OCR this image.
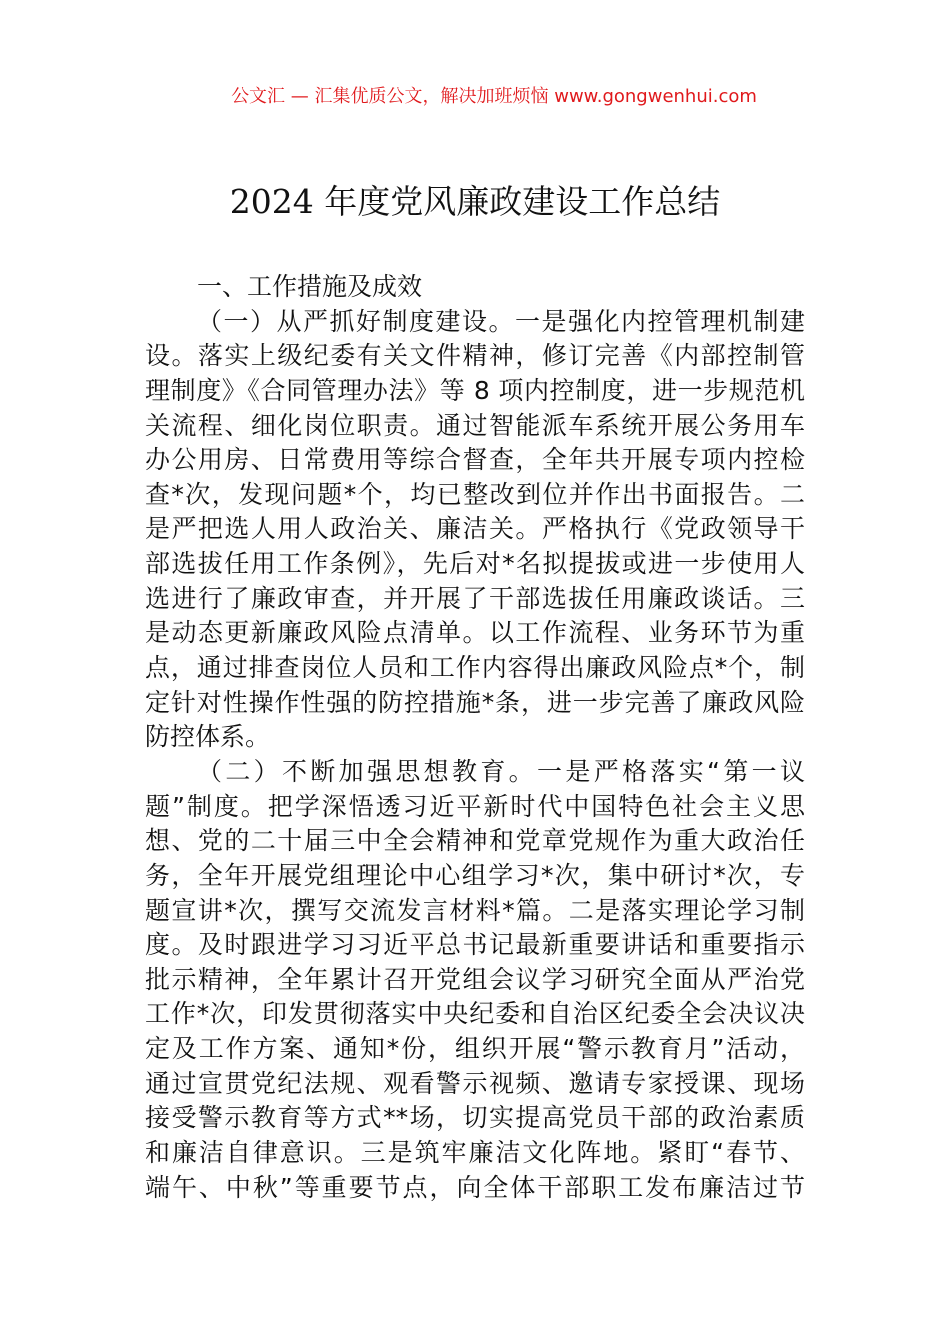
公文汇 — 汇集优质公文，解决加班烦恼 www.gongwenhui.com
2024 年度党风廉政建设工作总结
一、工作措施及成效
（一）从严抓好制度建设。一是强化内控管理机制建
设。落实上级纪委有关文件精神，修订完善《内部控制管
理制度》《合同管理办法》等 8 项内控制度，进一步规范机
关流程、细化岗位职责。通过智能派车系统开展公务用车
办公用房、日常费用等综合督查，全年共开展专项内控检
查*次，发现问题*个，均已整改到位并作出书面报告。二
是严把选人用人政治关、廉洁关。严格执行《党政领导干
部选拔任用工作条例》，先后对*名拟提拔或进一步使用人
选进行了廉政审查，并开展了干部选拔任用廉政谈话。三
是动态更新廉政风险点清单。以工作流程、业务环节为重
点，通过排查岗位人员和工作内容得出廉政风险点*个，制
定针对性操作性强的防控措施*条，进一步完善了廉政风险
防控体系。
（二）不断加强思想教育。一是严格落实“第一议
题”制度。把学深悟透习近平新时代中国特色社会主义思
想、党的二十届三中全会精神和党章党规作为重大政治任
务，全年开展党组理论中心组学习*次，集中研讨*次，专
题宣讲*次，撰写交流发言材料*篇。二是落实理论学习制
度。及时跟进学习习近平总书记最新重要讲话和重要指示
批示精神，全年累计召开党组会议学习研究全面从严治党
工作*次，印发贯彻落实中央纪委和自治区纪委全会决议决
定及工作方案、通知*份，组织开展“警示教育月”活动，
通过宣贯党纪法规、观看警示视频、邀请专家授课、现场
接受警示教育等方式**场，切实提高党员干部的政治素质
和廉洁自律意识。三是筑牢廉洁文化阵地。紧盯“春节、
端午、中秋”等重要节点，向全体干部职工发布廉洁过节
